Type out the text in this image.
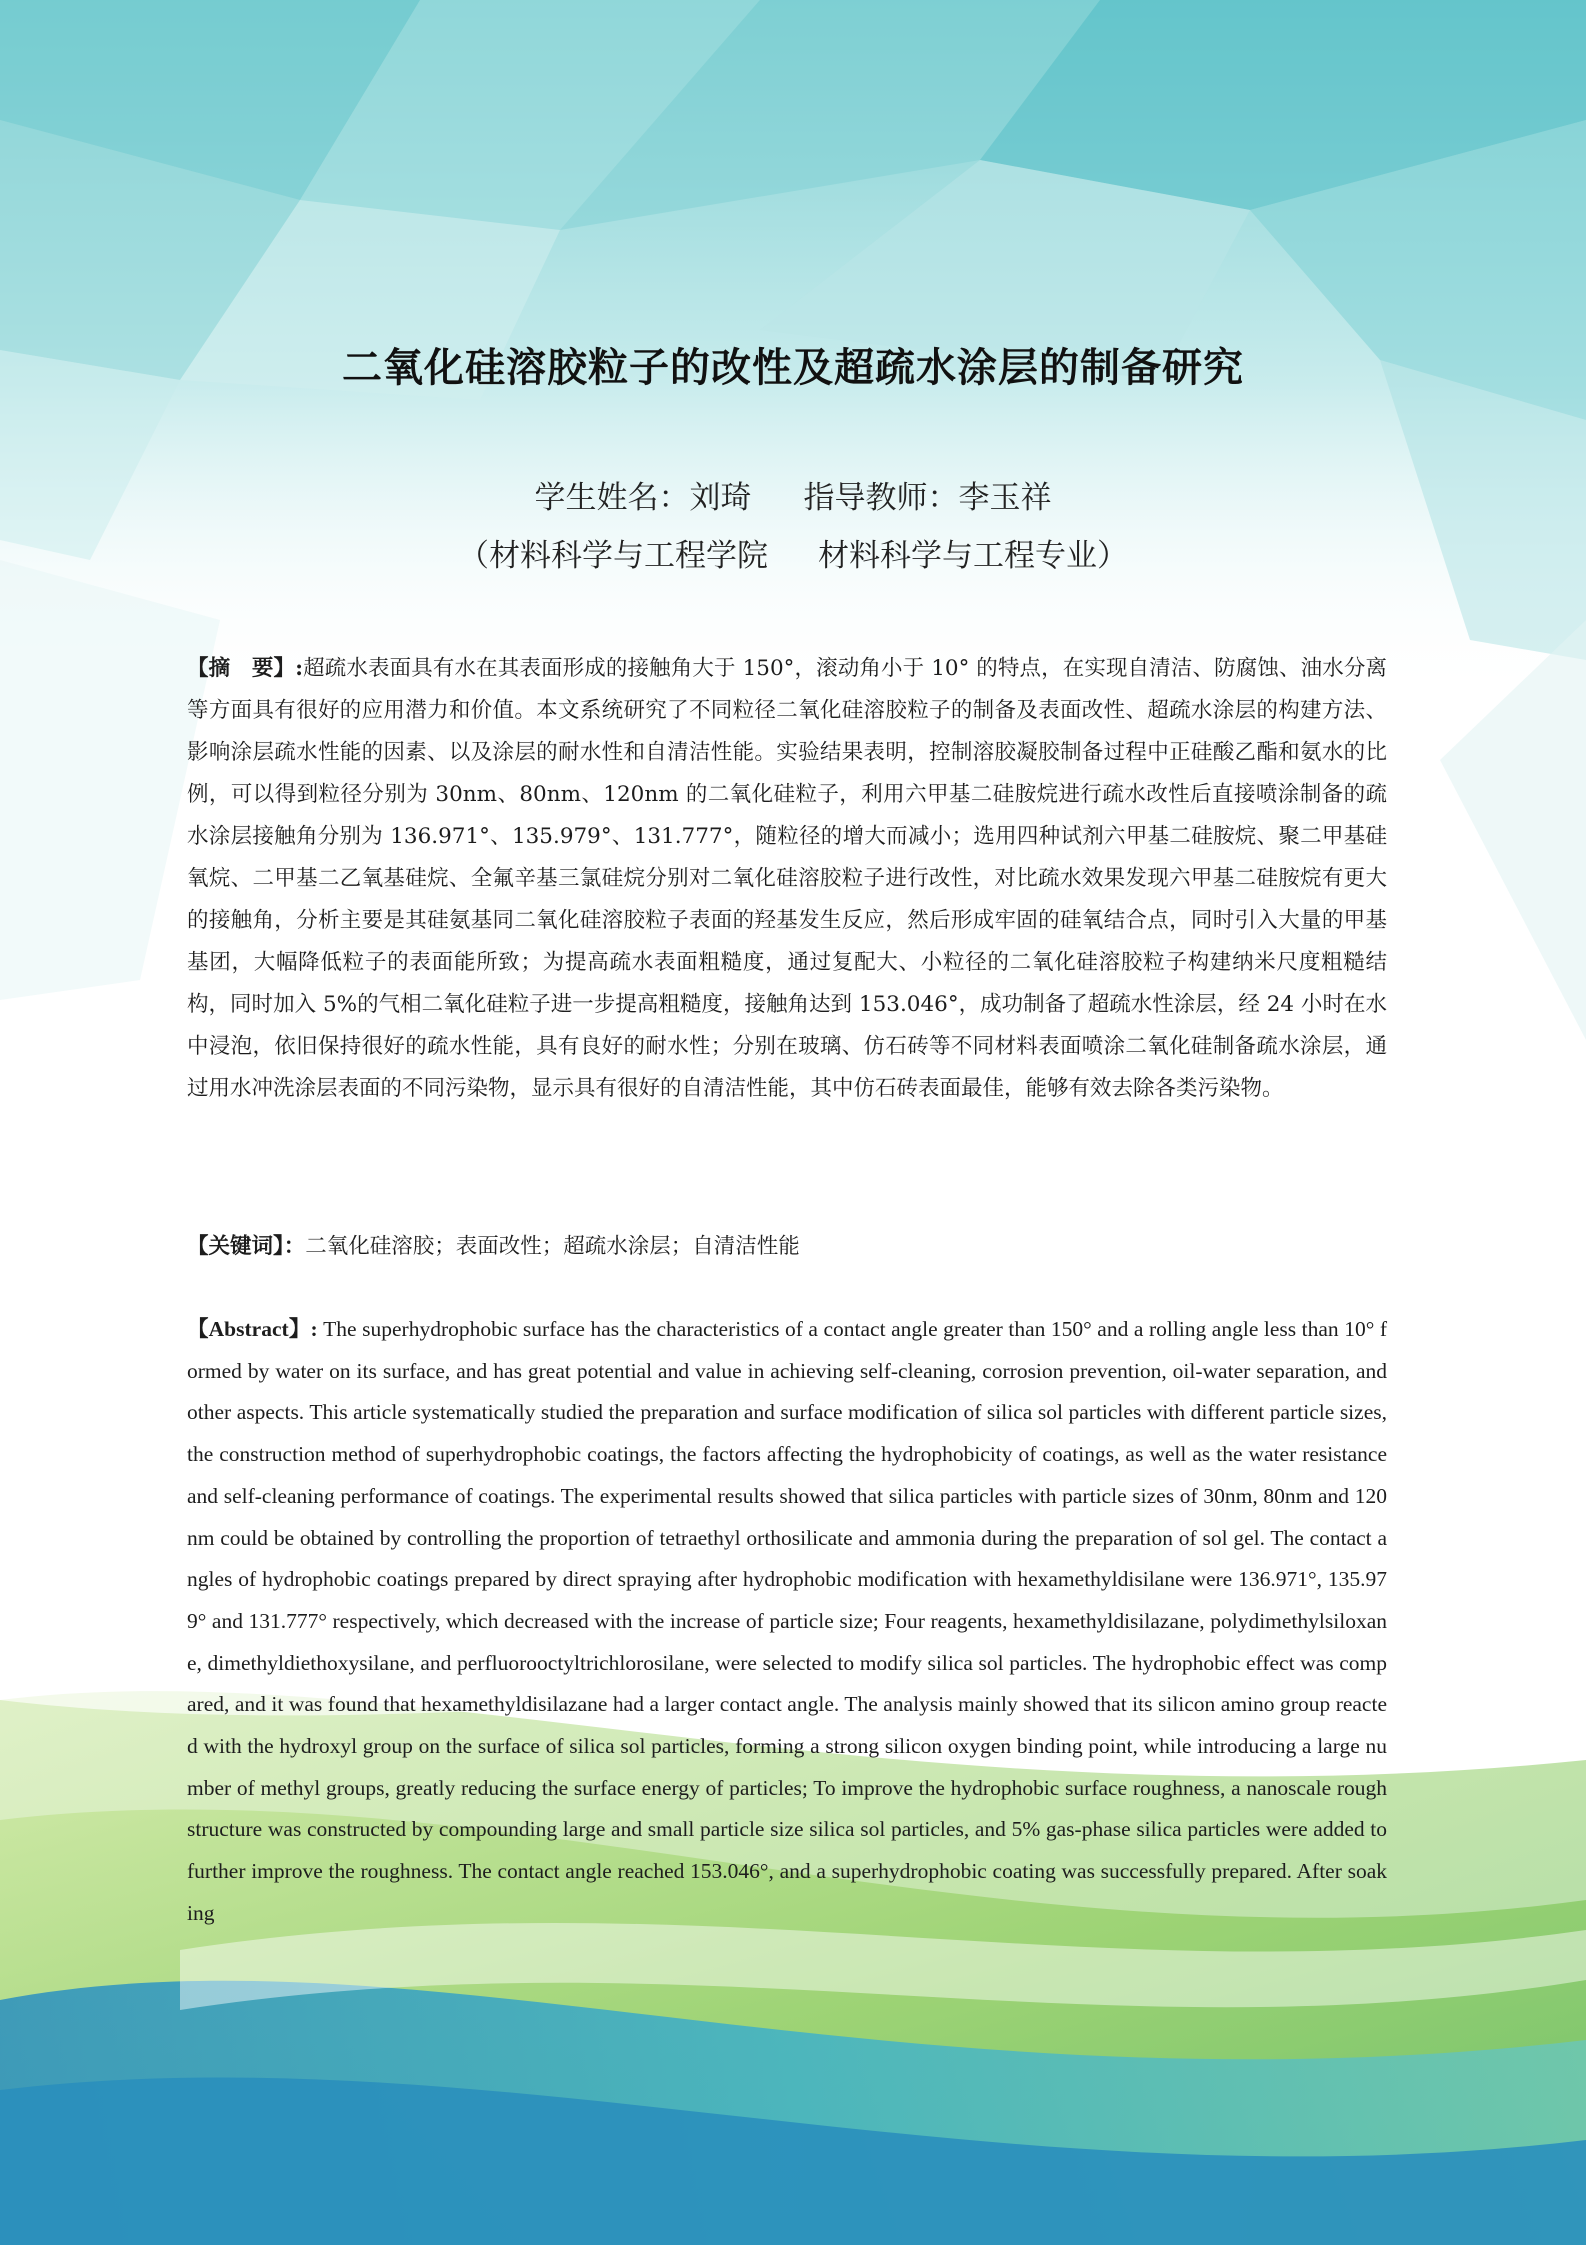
二氧化硅溶胶粒子的改性及超疏水涂层的制备研究
学生姓名：刘琦 指导教师：李玉祥
（材料科学与工程学院 材料科学与工程专业）
【摘　要】:超疏水表面具有水在其表面形成的接触角大于 150°，滚动角小于 10° 的特点，在实现自清洁、防腐蚀、油水分离等方面具有很好的应用潜力和价值。本文系统研究了不同粒径二氧化硅溶胶粒子的制备及表面改性、超疏水涂层的构建方法、影响涂层疏水性能的因素、以及涂层的耐水性和自清洁性能。实验结果表明，控制溶胶凝胶制备过程中正硅酸乙酯和氨水的比例，可以得到粒径分别为 30nm、80nm、120nm 的二氧化硅粒子，利用六甲基二硅胺烷进行疏水改性后直接喷涂制备的疏水涂层接触角分别为 136.971°、135.979°、131.777°，随粒径的增大而减小；选用四种试剂六甲基二硅胺烷、聚二甲基硅氧烷、二甲基二乙氧基硅烷、全氟辛基三氯硅烷分别对二氧化硅溶胶粒子进行改性，对比疏水效果发现六甲基二硅胺烷有更大的接触角，分析主要是其硅氨基同二氧化硅溶胶粒子表面的羟基发生反应，然后形成牢固的硅氧结合点，同时引入大量的甲基基团，大幅降低粒子的表面能所致；为提高疏水表面粗糙度，通过复配大、小粒径的二氧化硅溶胶粒子构建纳米尺度粗糙结构，同时加入 5%的气相二氧化硅粒子进一步提高粗糙度，接触角达到 153.046°，成功制备了超疏水性涂层，经 24 小时在水中浸泡，依旧保持很好的疏水性能，具有良好的耐水性；分别在玻璃、仿石砖等不同材料表面喷涂二氧化硅制备疏水涂层，通过用水冲洗涂层表面的不同污染物，显示具有很好的自清洁性能，其中仿石砖表面最佳，能够有效去除各类污染物。
【关键词】：二氧化硅溶胶；表面改性；超疏水涂层；自清洁性能
【Abstract】: The superhydrophobic surface has the characteristics of a contact angle greater than 150° and a rolling angle less than 10° formed by water on its surface, and has great potential and value in achieving self-cleaning, corrosion prevention, oil-water separation, and other aspects. This article systematically studied the preparation and surface modification of silica sol particles with different particle sizes, the construction method of superhydrophobic coatings, the factors affecting the hydrophobicity of coatings, as well as the water resistance and self-cleaning performance of coatings. The experimental results showed that silica particles with particle sizes of 30nm, 80nm and 120nm could be obtained by controlling the proportion of tetraethyl orthosilicate and ammonia during the preparation of sol gel. The contact angles of hydrophobic coatings prepared by direct spraying after hydrophobic modification with hexamethyldisilane were 136.971°, 135.979° and 131.777° respectively, which decreased with the increase of particle size; Four reagents, hexamethyldisilazane, polydimethylsiloxane, dimethyldiethoxysilane, and perfluorooctyltrichlorosilane, were selected to modify silica sol particles. The hydrophobic effect was compared, and it was found that hexamethyldisilazane had a larger contact angle. The analysis mainly showed that its silicon amino group reacted with the hydroxyl group on the surface of silica sol particles, forming a strong silicon oxygen binding point, while introducing a large number of methyl groups, greatly reducing the surface energy of particles; To improve the hydrophobic surface roughness, a nanoscale rough structure was constructed by compounding large and small particle size silica sol particles, and 5% gas-phase silica particles were added to further improve the roughness. The contact angle reached 153.046°, and a superhydrophobic coating was successfully prepared. After soaking
